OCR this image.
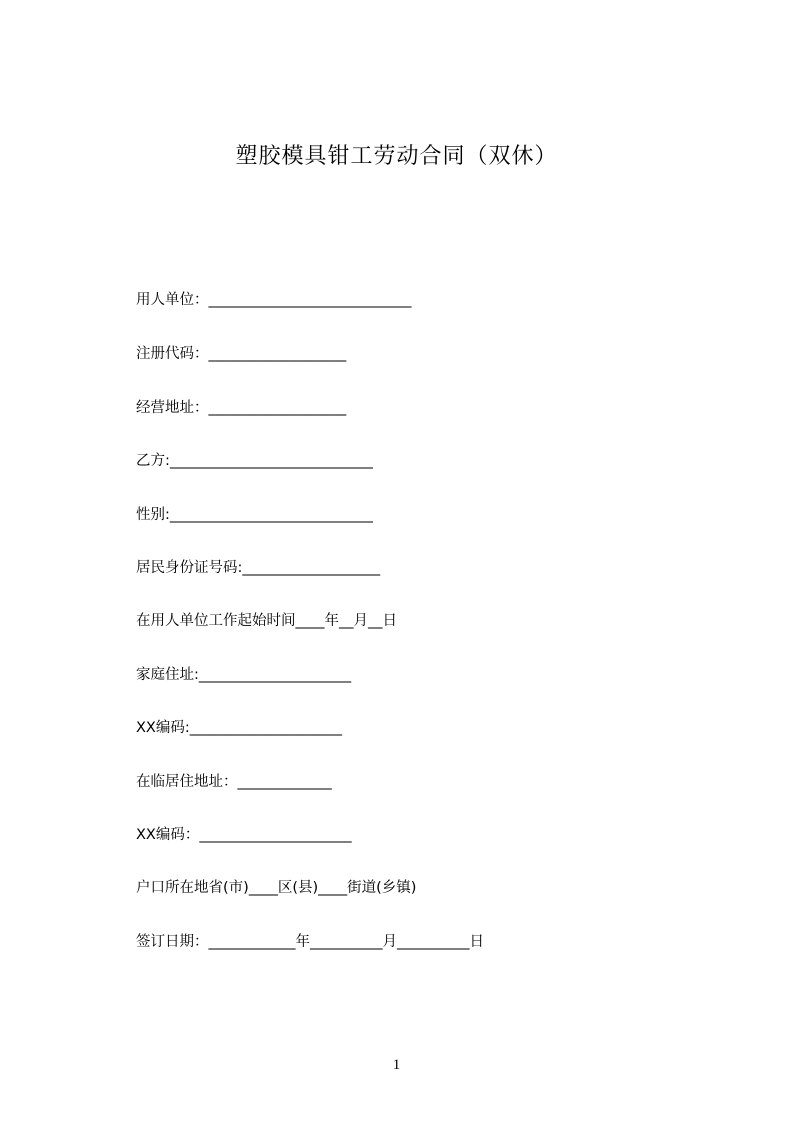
塑胶模具钳工劳动合同（双休）
用人单位：____________________________
注册代码：___________________
经营地址：___________________
乙方:____________________________
性别:____________________________
居民身份证号码:___________________
在用人单位工作起始时间____年__月__日
家庭住址:_____________________
XX编码:_____________________
在临居住地址：_____________
XX编码：_____________________
户口所在地省(市)____区(县)____街道(乡镇)
签订日期：____________年__________月__________日
1
